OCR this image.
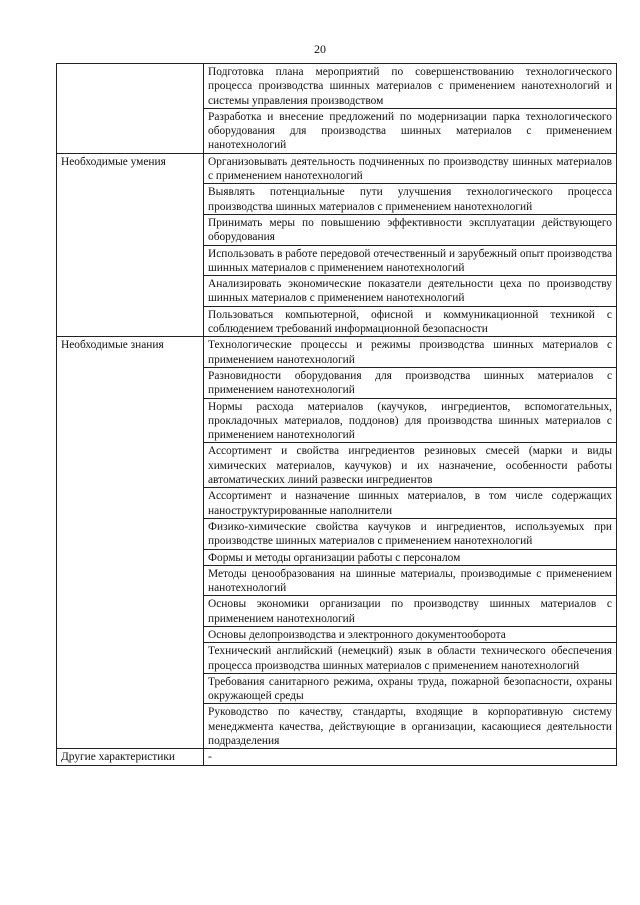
20
	Подготовка плана мероприятий по совершенствованию технологического процесса производства шинных материалов с применением нанотехнологий и системы управления производством
	Разработка и внесение предложений по модернизации парка технологического оборудования для производства шинных материалов с применением нанотехнологий
Необходимые умения	Организовывать деятельность подчиненных по производству шинных материалов с применением нанотехнологий
	Выявлять потенциальные пути улучшения технологического процесса производства шинных материалов с применением нанотехнологий
	Принимать меры по повышению эффективности эксплуатации действующего оборудования
	Использовать в работе передовой отечественный и зарубежный опыт производства шинных материалов с применением нанотехнологий
	Анализировать экономические показатели деятельности цеха по производству шинных материалов с применением нанотехнологий
	Пользоваться компьютерной, офисной и коммуникационной техникой с соблюдением требований информационной безопасности
Необходимые знания	Технологические процессы и режимы производства шинных материалов с применением нанотехнологий
	Разновидности оборудования для производства шинных материалов с применением нанотехнологий
	Нормы расхода материалов (каучуков, ингредиентов, вспомогательных, прокладочных материалов, поддонов) для производства шинных материалов с применением нанотехнологий
	Ассортимент и свойства ингредиентов резиновых смесей (марки и виды химических материалов, каучуков) и их назначение, особенности работы автоматических линий развески ингредиентов
	Ассортимент и назначение шинных материалов, в том числе содержащих наноструктурированные наполнители
	Физико-химические свойства каучуков и ингредиентов, используемых при производстве шинных материалов с применением нанотехнологий
	Формы и методы организации работы с персоналом
	Методы ценообразования на шинные материалы, производимые с применением нанотехнологий
	Основы экономики организации по производству шинных материалов с применением нанотехнологий
	Основы делопроизводства и электронного документооборота
	Технический английский (немецкий) язык в области технического обеспечения процесса производства шинных материалов с применением нанотехнологий
	Требования санитарного режима, охраны труда, пожарной безопасности, охраны окружающей среды
	Руководство по качеству, стандарты, входящие в корпоративную систему менеджмента качества, действующие в организации, касающиеся деятельности подразделения
Другие характеристики	-
